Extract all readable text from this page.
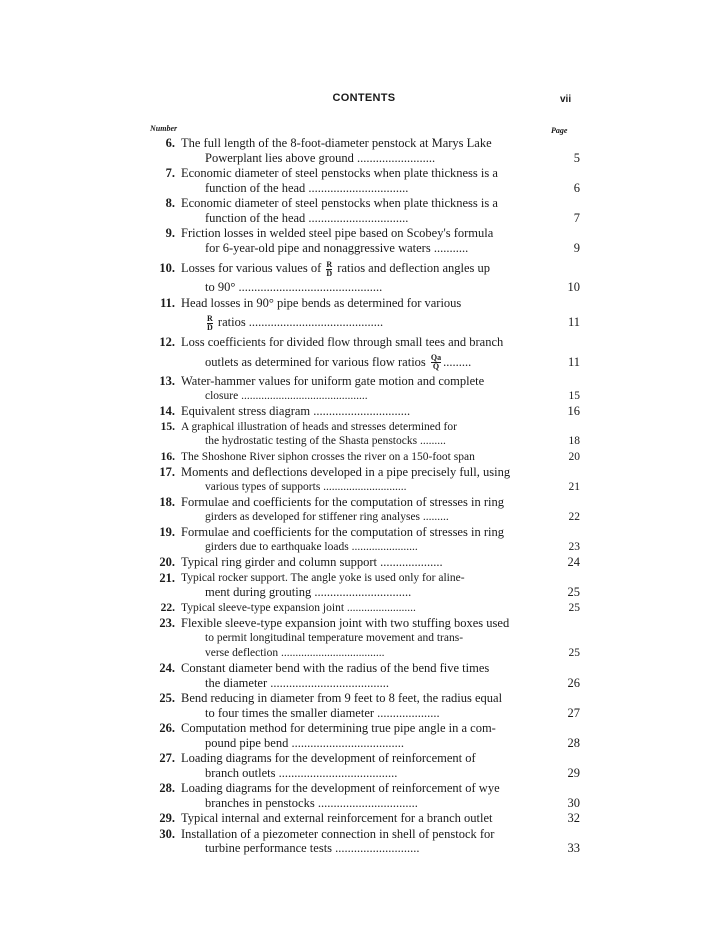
CONTENTS	vii
Number	Page
6. The full length of the 8-foot-diameter penstock at Marys Lake
Powerplant lies above ground .........................	5
7. Economic diameter of steel penstocks when plate thickness is a
function of the head ................................	6
8. Economic diameter of steel penstocks when plate thickness is a
function of the head ................................	7
9. Friction losses in welded steel pipe based on Scobey's formula
for 6-year-old pipe and nonaggressive waters ...........	9
10. Losses for various values of $\frac{R}{D}$ ratios and deflection angles up
to 90° ..............................................	10
11. Head losses in 90° pipe bends as determined for various
$\frac{R}{D}$ ratios ...........................................	11
12. Loss coefficients for divided flow through small tees and branch
outlets as determined for various flow ratios $\frac{Qa}{Q}$ .........	11
13. Water-hammer values for uniform gate motion and complete
closure ............................................	15
14. Equivalent stress diagram ...............................	16
15. A graphical illustration of heads and stresses determined for
the hydrostatic testing of the Shasta penstocks .........	18
16. The Shoshone River siphon crosses the river on a 150-foot span	20
17. Moments and deflections developed in a pipe precisely full, using
various types of supports .............................	21
18. Formulae and coefficients for the computation of stresses in ring
girders as developed for stiffener ring analyses .........	22
19. Formulae and coefficients for the computation of stresses in ring
girders due to earthquake loads .......................	23
20. Typical ring girder and column support ....................	24
21. Typical rocker support. The angle yoke is used only for aline-
ment during grouting ...............................	25
22. Typical sleeve-type expansion joint ........................	25
23. Flexible sleeve-type expansion joint with two stuffing boxes used
to permit longitudinal temperature movement and trans-
verse deflection ....................................	25
24. Constant diameter bend with the radius of the bend five times
the diameter ......................................	26
25. Bend reducing in diameter from 9 feet to 8 feet, the radius equal
to four times the smaller diameter ....................	27
26. Computation method for determining true pipe angle in a com-
pound pipe bend ....................................	28
27. Loading diagrams for the development of reinforcement of
branch outlets ......................................	29
28. Loading diagrams for the development of reinforcement of wye
branches in penstocks ................................	30
29. Typical internal and external reinforcement for a branch outlet	32
30. Installation of a piezometer connection in shell of penstock for
turbine performance tests ...........................	33
